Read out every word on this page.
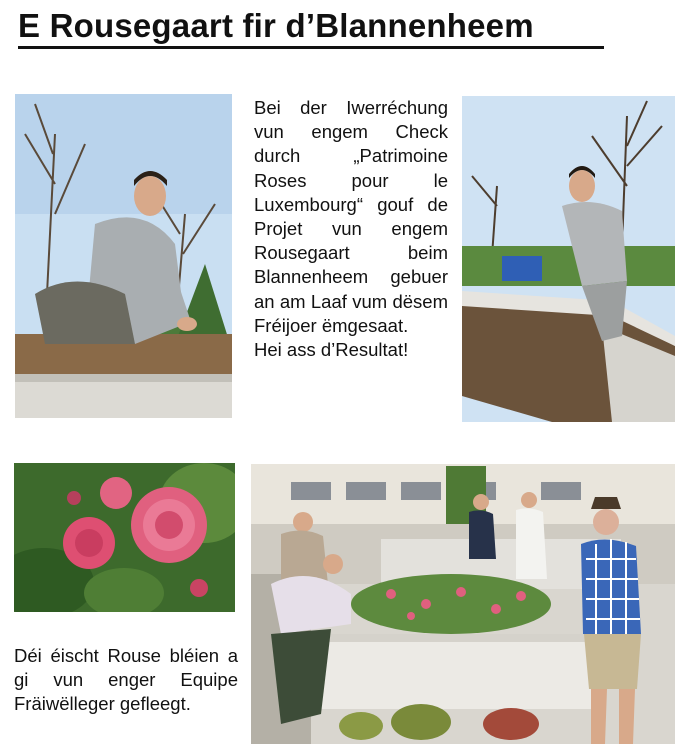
E Rousegaart fir d’Blannenheem
Bei der Iwerréchung vun engem Check durch „Patrimoine Roses pour le Luxembourg“ gouf de Projet vun engem Rousegaart beim Blannenheem gebuer an am Laaf vum dësem Fréijoer ëmgesaat.
Hei ass d’Resultat!
Déi éischt Rouse bléien a gi vun enger Equipe Fräiwëlleger gefleegt.
